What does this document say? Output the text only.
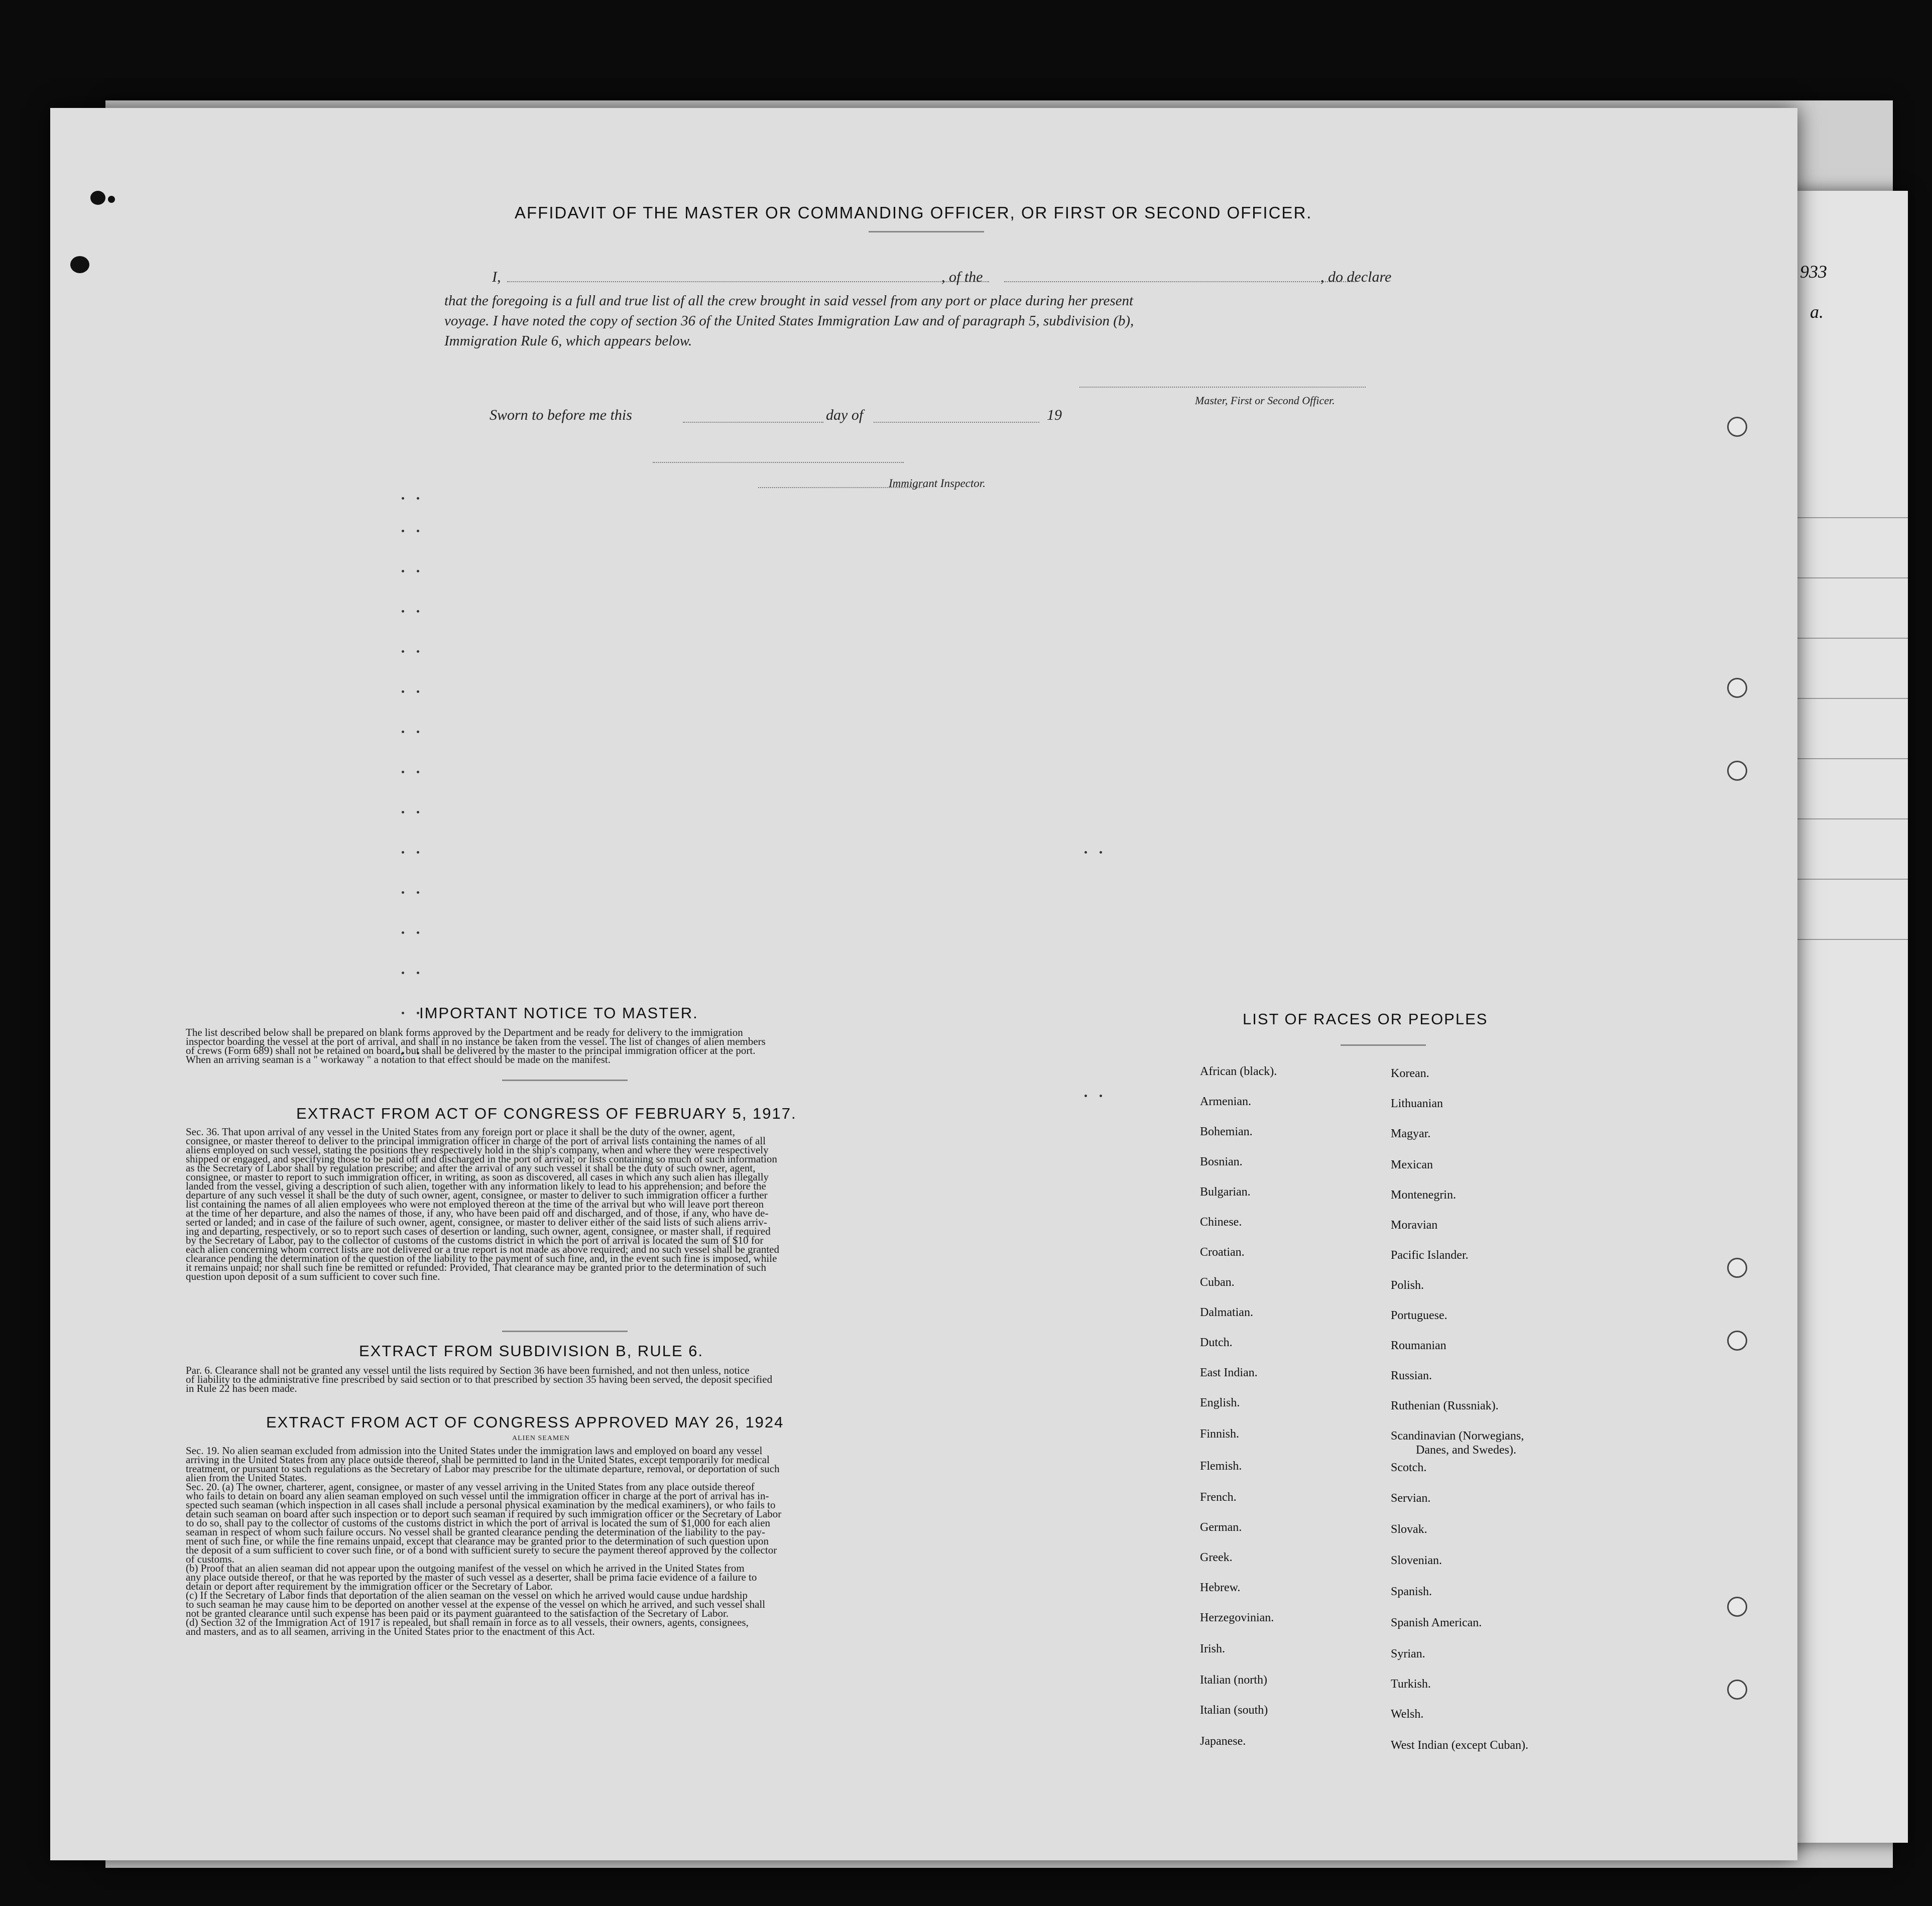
933
a.
AFFIDAVIT OF THE MASTER OR COMMANDING OFFICER, OR FIRST OR SECOND OFFICER.
I,	, of the	, do declare
that the foregoing is a full and true list of all the crew brought in said vessel from any port or place during her present
voyage. I have noted the copy of section 36 of the United States Immigration Law and of paragraph 5, subdivision (b),
Immigration Rule 6, which appears below.
Master, First or Second Officer.
Sworn to before me this	day of	19
Immigrant Inspector.
IMPORTANT NOTICE TO MASTER.
The list described below shall be prepared on blank forms approved by the Department and be ready for delivery to the immigration
inspector boarding the vessel at the port of arrival, and shall in no instance be taken from the vessel. The list of changes of alien members
of crews (Form 689) shall not be retained on board, but shall be delivered by the master to the principal immigration officer at the port.
When an arriving seaman is a " workaway " a notation to that effect should be made on the manifest.
EXTRACT FROM ACT OF CONGRESS OF FEBRUARY 5, 1917.
Sec. 36. That upon arrival of any vessel in the United States from any foreign port or place it shall be the duty of the owner, agent,
consignee, or master thereof to deliver to the principal immigration officer in charge of the port of arrival lists containing the names of all
aliens employed on such vessel, stating the positions they respectively hold in the ship's company, when and where they were respectively
shipped or engaged, and specifying those to be paid off and discharged in the port of arrival; or lists containing so much of such information
as the Secretary of Labor shall by regulation prescribe; and after the arrival of any such vessel it shall be the duty of such owner, agent,
consignee, or master to report to such immigration officer, in writing, as soon as discovered, all cases in which any such alien has illegally
landed from the vessel, giving a description of such alien, together with any information likely to lead to his apprehension; and before the
departure of any such vessel it shall be the duty of such owner, agent, consignee, or master to deliver to such immigration officer a further
list containing the names of all alien employees who were not employed thereon at the time of the arrival but who will leave port thereon
at the time of her departure, and also the names of those, if any, who have been paid off and discharged, and of those, if any, who have de-
serted or landed; and in case of the failure of such owner, agent, consignee, or master to deliver either of the said lists of such aliens arriv-
ing and departing, respectively, or so to report such cases of desertion or landing, such owner, agent, consignee, or master shall, if required
by the Secretary of Labor, pay to the collector of customs of the customs district in which the port of arrival is located the sum of $10 for
each alien concerning whom correct lists are not delivered or a true report is not made as above required; and no such vessel shall be granted
clearance pending the determination of the question of the liability to the payment of such fine, and, in the event such fine is imposed, while
it remains unpaid; nor shall such fine be remitted or refunded: Provided, That clearance may be granted prior to the determination of such
question upon deposit of a sum sufficient to cover such fine.
EXTRACT FROM SUBDIVISION B, RULE 6.
Par. 6. Clearance shall not be granted any vessel until the lists required by Section 36 have been furnished, and not then unless, notice
of liability to the administrative fine prescribed by said section or to that prescribed by section 35 having been served, the deposit specified
in Rule 22 has been made.
EXTRACT FROM ACT OF CONGRESS APPROVED MAY 26, 1924
ALIEN SEAMEN
Sec. 19. No alien seaman excluded from admission into the United States under the immigration laws and employed on board any vessel
arriving in the United States from any place outside thereof, shall be permitted to land in the United States, except temporarily for medical
treatment, or pursuant to such regulations as the Secretary of Labor may prescribe for the ultimate departure, removal, or deportation of such
alien from the United States.
Sec. 20. (a) The owner, charterer, agent, consignee, or master of any vessel arriving in the United States from any place outside thereof
who fails to detain on board any alien seaman employed on such vessel until the immigration officer in charge at the port of arrival has in-
spected such seaman (which inspection in all cases shall include a personal physical examination by the medical examiners), or who fails to
detain such seaman on board after such inspection or to deport such seaman if required by such immigration officer or the Secretary of Labor
to do so, shall pay to the collector of customs of the customs district in which the port of arrival is located the sum of $1,000 for each alien
seaman in respect of whom such failure occurs. No vessel shall be granted clearance pending the determination of the liability to the pay-
ment of such fine, or while the fine remains unpaid, except that clearance may be granted prior to the determination of such question upon
the deposit of a sum sufficient to cover such fine, or of a bond with sufficient surety to secure the payment thereof approved by the collector
of customs.
(b) Proof that an alien seaman did not appear upon the outgoing manifest of the vessel on which he arrived in the United States from
any place outside thereof, or that he was reported by the master of such vessel as a deserter, shall be prima facie evidence of a failure to
detain or deport after requirement by the immigration officer or the Secretary of Labor.
(c) If the Secretary of Labor finds that deportation of the alien seaman on the vessel on which he arrived would cause undue hardship
to such seaman he may cause him to be deported on another vessel at the expense of the vessel on which he arrived, and such vessel shall
not be granted clearance until such expense has been paid or its payment guaranteed to the satisfaction of the Secretary of Labor.
(d) Section 32 of the Immigration Act of 1917 is repealed, but shall remain in force as to all vessels, their owners, agents, consignees,
and masters, and as to all seamen, arriving in the United States prior to the enactment of this Act.
LIST OF RACES OR PEOPLES
African (black).
Armenian.
Bohemian.
Bosnian.
Bulgarian.
Chinese.
Croatian.
Cuban.
Dalmatian.
Dutch.
East Indian.
English.
Finnish.
Flemish.
French.
German.
Greek.
Hebrew.
Herzegovinian.
Irish.
Italian (north)
Italian (south)
Japanese.
Korean.
Lithuanian
Magyar.
Mexican
Montenegrin.
Moravian
Pacific Islander.
Polish.
Portuguese.
Roumanian
Russian.
Ruthenian (Russniak).
Scandinavian (Norwegians,
Danes, and Swedes).
Scotch.
Servian.
Slovak.
Slovenian.
Spanish.
Spanish American.
Syrian.
Turkish.
Welsh.
West Indian (except Cuban).
